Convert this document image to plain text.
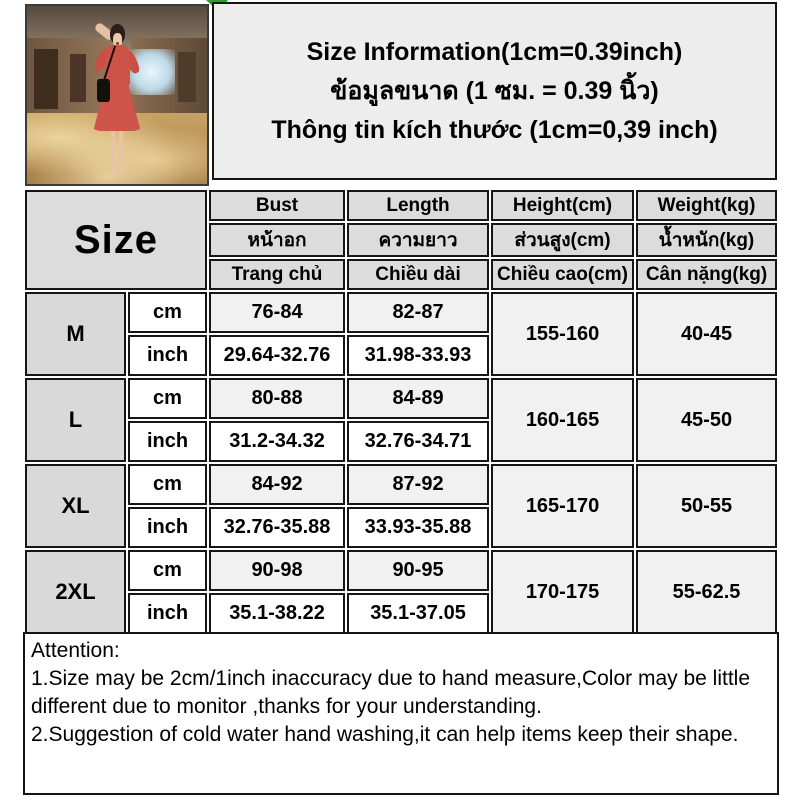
Size Information(1cm=0.39inch)
ข้อมูลขนาด (1 ซม. = 0.39 นิ้ว)
Thông tin kích thước (1cm=0,39 inch)
Size		Bust	Length	Height(cm)	Weight(kg)
		หน้าอก	ความยาว	ส่วนสูง(cm)	น้ำหนัก(kg)
		Trang chủ	Chiều dài	Chiều cao(cm)	Cân nặng(kg)
M	cm	76-84	82-87	155-160	40-45
	inch	29.64-32.76	31.98-33.93		
L	cm	80-88	84-89	160-165	45-50
	inch	31.2-34.32	32.76-34.71		
XL	cm	84-92	87-92	165-170	50-55
	inch	32.76-35.88	33.93-35.88		
2XL	cm	90-98	90-95	170-175	55-62.5
	inch	35.1-38.22	35.1-37.05		
Attention:
1.Size may be 2cm/1inch inaccuracy due to hand measure,Color may be little different due to monitor ,thanks for your understanding.
2.Suggestion of cold water hand washing,it can help items keep their shape.
